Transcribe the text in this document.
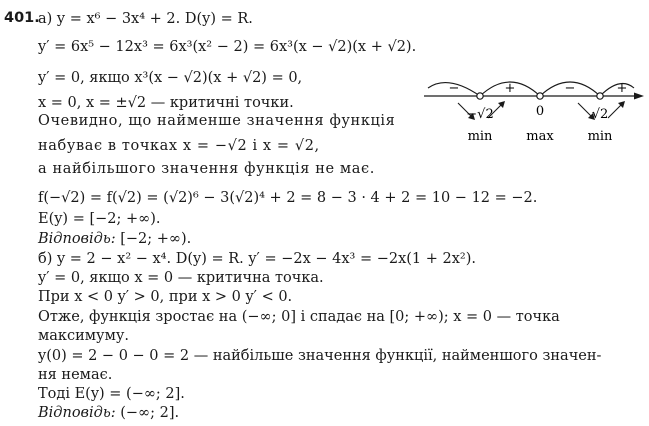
401.
а) y = x⁶ − 3x⁴ + 2. D(y) = R.
y′ = 6x⁵ − 12x³ = 6x³(x² − 2) = 6x³(x − √2)(x + √2).
y′ = 0, якщо x³(x − √2)(x + √2) = 0,
x = 0, x = ±√2 — критичні точки.
Очевидно, що найменше значення функція
набуває в точках x = −√2 і x = √2,
а найбільшого значення функція не має.
f(−√2) = f(√2) = (√2)⁶ − 3(√2)⁴ + 2 = 8 − 3 · 4 + 2 = 10 − 12 = −2.
E(y) = [−2; +∞).
Відповідь: [−2; +∞).
б) y = 2 − x² − x⁴. D(y) = R. y′ = −2x − 4x³ = −2x(1 + 2x²).
y′ = 0, якщо x = 0 — критична точка.
При x < 0 y′ > 0, при x > 0 y′ < 0.
Отже, функція зростає на (−∞; 0] і спадає на [0; +∞); x = 0 — точка
максимуму.
y(0) = 2 − 0 − 0 = 2 — найбільше значення функції, найменшого значен-
ня немає.
Тоді E(y) = (−∞; 2].
Відповідь: (−∞; 2].
−	+	−	+
−√2	0	√2
min	max	min
